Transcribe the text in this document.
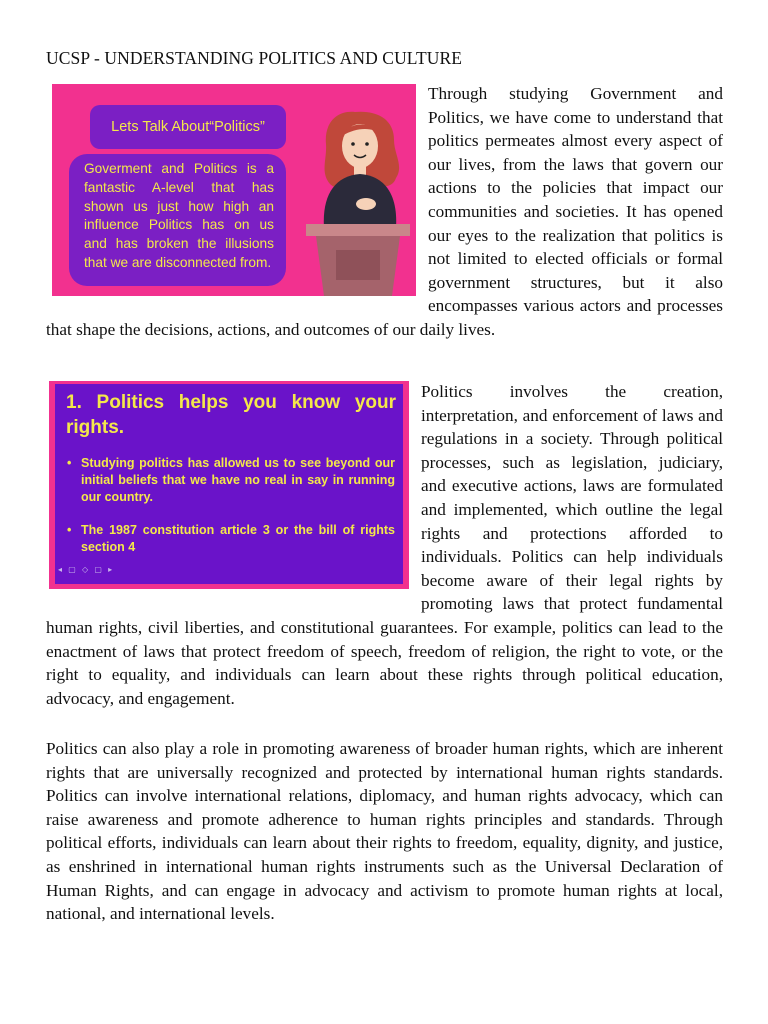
UCSP - UNDERSTANDING POLITICS AND CULTURE
Lets Talk About“Politics”
Goverment and Politics is a fantastic A-level that has shown us just how high an influence Politics has on us and has broken the illusions that we are disconnected from.
Through studying Government and Politics, we have come to understand that politics permeates almost every aspect of our lives, from the laws that govern our actions to the policies that impact our communities and societies. It has opened our eyes to the realization that politics is not limited to elected officials or formal government structures, but it also encompasses various actors and processes that shape the decisions, actions, and outcomes of our daily lives.
1. Politics helps you know your rights.
• Studying politics has allowed us to see beyond our initial beliefs that we have no real in say in running our country.
• The 1987 constitution article 3 or the bill of rights section 4
◂ ▢ ◇ ▢ ▸
Politics involves the creation, interpretation, and enforcement of laws and regulations in a society. Through political processes, such as legislation, judiciary, and executive actions, laws are formulated and implemented, which outline the legal rights and protections afforded to individuals. Politics can help individuals become aware of their legal rights by promoting laws that protect fundamental human rights, civil liberties, and constitutional guarantees. For example, politics can lead to the enactment of laws that protect freedom of speech, freedom of religion, the right to vote, or the right to equality, and individuals can learn about these rights through political education, advocacy, and engagement.

Politics can also play a role in promoting awareness of broader human rights, which are inherent rights that are universally recognized and protected by international human rights standards. Politics can involve international relations, diplomacy, and human rights advocacy, which can raise awareness and promote adherence to human rights principles and standards. Through political efforts, individuals can learn about their rights to freedom, equality, dignity, and justice, as enshrined in international human rights instruments such as the Universal Declaration of Human Rights, and can engage in advocacy and activism to promote human rights at local, national, and international levels.
